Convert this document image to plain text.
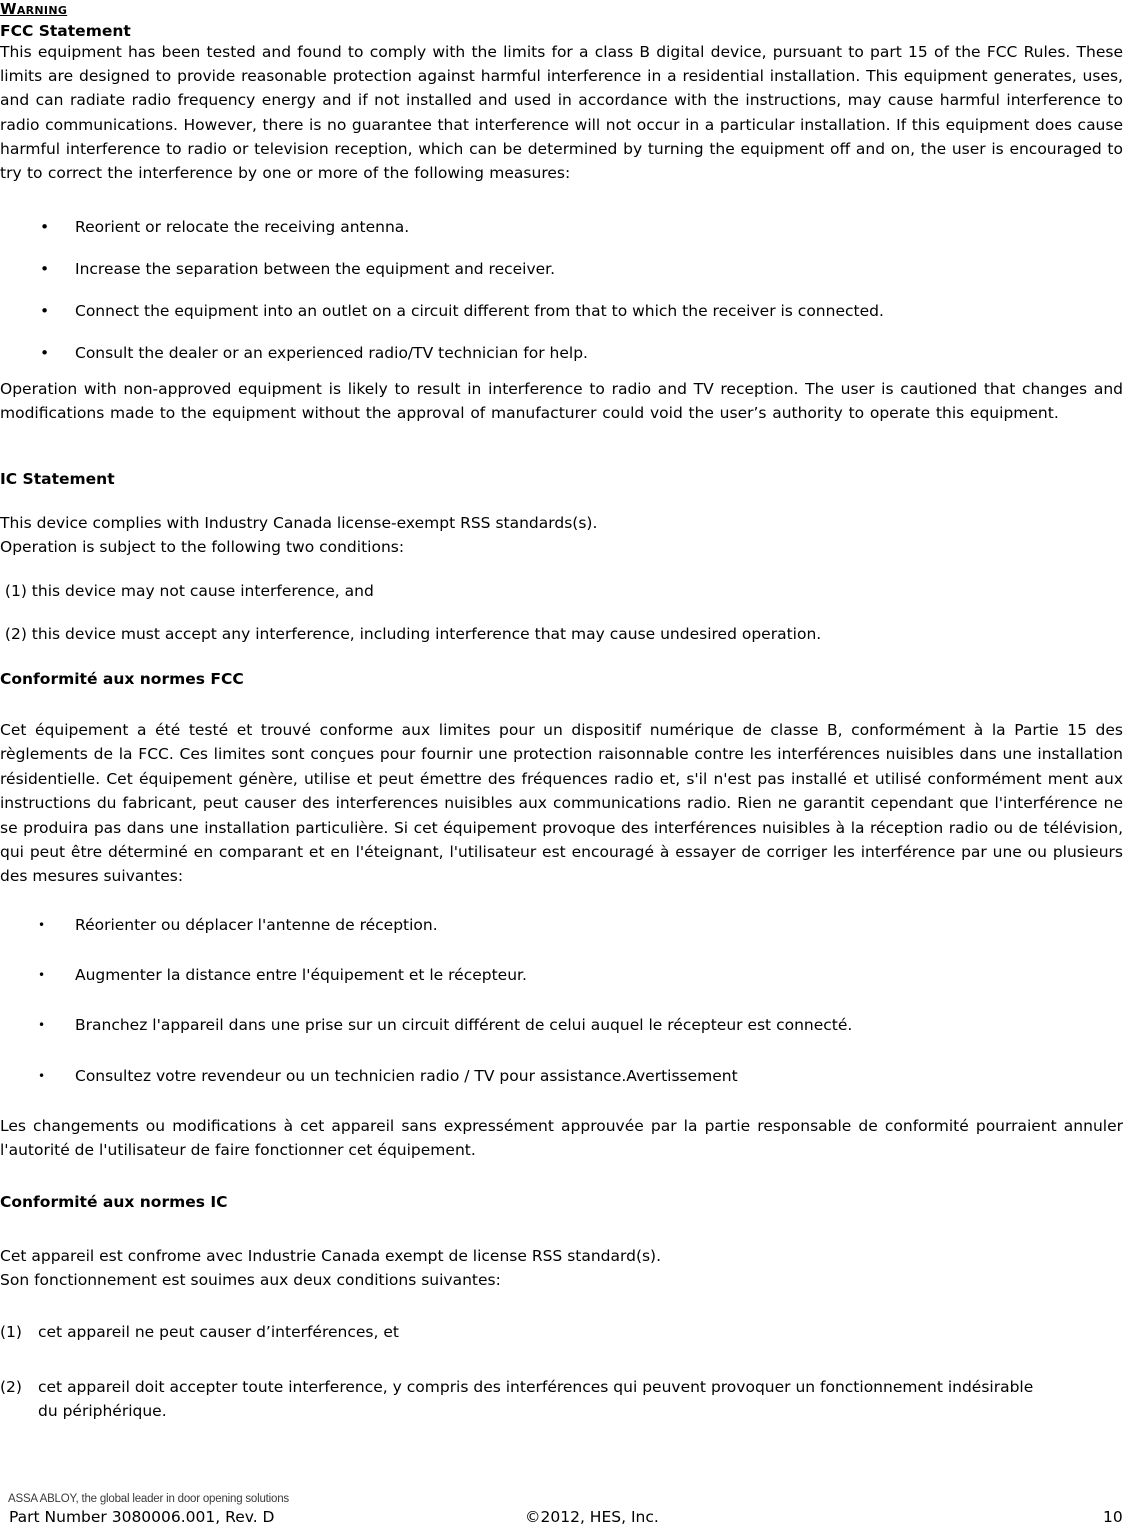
Warning
FCC Statement

This equipment has been tested and found to comply with the limits for a class B digital device, pursuant to part 15 of the FCC Rules. These limits are designed to provide reasonable protection against harmful interference in a residential installation. This equipment generates, uses, and can radiate radio frequency energy and if not installed and used in accordance with the instructions, may cause harmful interference to radio communications. However, there is no guarantee that interference will not occur in a particular installation. If this equipment does cause harmful interference to radio or television reception, which can be determined by turning the equipment off and on, the user is encouraged to try to correct the interference by one or more of the following measures:

• Reorient or relocate the receiving antenna.
• Increase the separation between the equipment and receiver.
• Connect the equipment into an outlet on a circuit different from that to which the receiver is connected.
• Consult the dealer or an experienced radio/TV technician for help.

Operation with non-approved equipment is likely to result in interference to radio and TV reception. The user is cautioned that changes and modifications made to the equipment without the approval of manufacturer could void the user’s authority to operate this equipment.

IC Statement
This device complies with Industry Canada license-exempt RSS standards(s).
Operation is subject to the following two conditions:
(1) this device may not cause interference, and
(2) this device must accept any interference, including interference that may cause undesired operation.
Conformité aux normes FCC

Cet équipement a été testé et trouvé conforme aux limites pour un dispositif numérique de classe B, conformément à la Partie 15 des règlements de la FCC. Ces limites sont conçues pour fournir une protection raisonnable contre les interférences nuisibles dans une installation résidentielle. Cet équipement génère, utilise et peut émettre des fréquences radio et, s'il n'est pas installé et utilisé conformément ment aux instructions du fabricant, peut causer des interferences nuisibles aux communications radio. Rien ne garantit cependant que l'interférence ne se produira pas dans une installation particulière. Si cet équipement provoque des interférences nuisibles à la réception radio ou de télévision, qui peut être déterminé en comparant et en l'éteignant, l'utilisateur est encouragé à essayer de corriger les interférence par une ou plusieurs des mesures suivantes:

• Réorienter ou déplacer l'antenne de réception.
• Augmenter la distance entre l'équipement et le récepteur.
• Branchez l'appareil dans une prise sur un circuit différent de celui auquel le récepteur est connecté.
• Consultez votre revendeur ou un technicien radio / TV pour assistance.Avertissement

Les changements ou modifications à cet appareil sans expressément approuvée par la partie responsable de conformité pourraient annuler l'autorité de l'utilisateur de faire fonctionner cet équipement.

Conformité aux normes IC
Cet appareil est confrome avec Industrie Canada exempt de license RSS standard(s).
Son fonctionnement est souimes aux deux conditions suivantes:
(1) cet appareil ne peut causer d’interférences, et
(2) cet appareil doit accepter toute interference, y compris des interférences qui peuvent provoquer un fonctionnement indésirable
du périphérique.
ASSA ABLOY, the global leader in door opening solutions
Part Number 3080006.001, Rev. D	©2012, HES, Inc.	10
